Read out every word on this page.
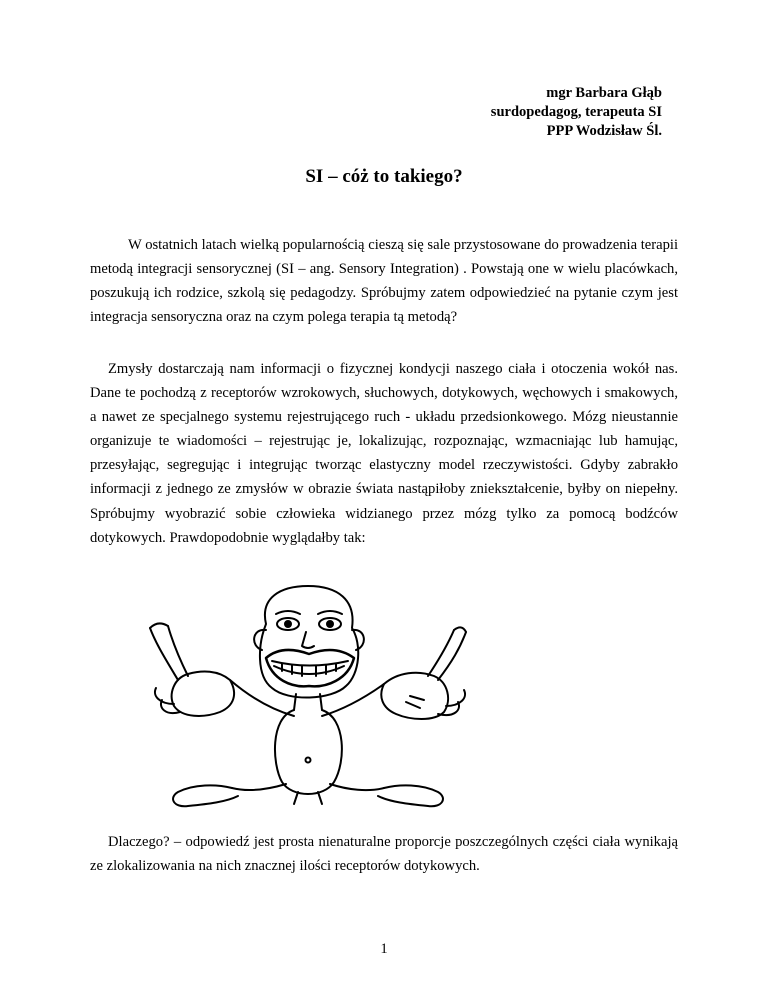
mgr Barbara Głąb
surdopedagog, terapeuta SI
PPP Wodzisław Śl.
SI – cóż to takiego?

W ostatnich latach wielką popularnością cieszą się sale przystosowane do prowadzenia terapii metodą integracji sensorycznej (SI – ang. Sensory Integration) . Powstają one w wielu placówkach, poszukują ich rodzice, szkolą się pedagodzy. Spróbujmy zatem odpowiedzieć na pytanie czym jest integracja sensoryczna oraz na czym polega terapia tą metodą?

Zmysły dostarczają nam informacji o fizycznej kondycji naszego ciała i otoczenia wokół nas. Dane te pochodzą z receptorów wzrokowych, słuchowych, dotykowych, węchowych i smakowych, a nawet ze specjalnego systemu rejestrującego ruch - układu przedsionkowego. Mózg nieustannie organizuje te wiadomości – rejestrując je, lokalizując, rozpoznając, wzmacniając lub hamując, przesyłając, segregując i integrując tworząc elastyczny model rzeczywistości. Gdyby zabrakło informacji z jednego ze zmysłów w obrazie świata nastąpiłoby zniekształcenie, byłby on niepełny. Spróbujmy wyobrazić sobie człowieka widzianego przez mózg tylko za pomocą bodźców dotykowych. Prawdopodobnie wyglądałby tak:

Dlaczego? – odpowiedź jest prosta nienaturalne proporcje poszczególnych części ciała wynikają ze zlokalizowania na nich znacznej ilości receptorów dotykowych.

1
